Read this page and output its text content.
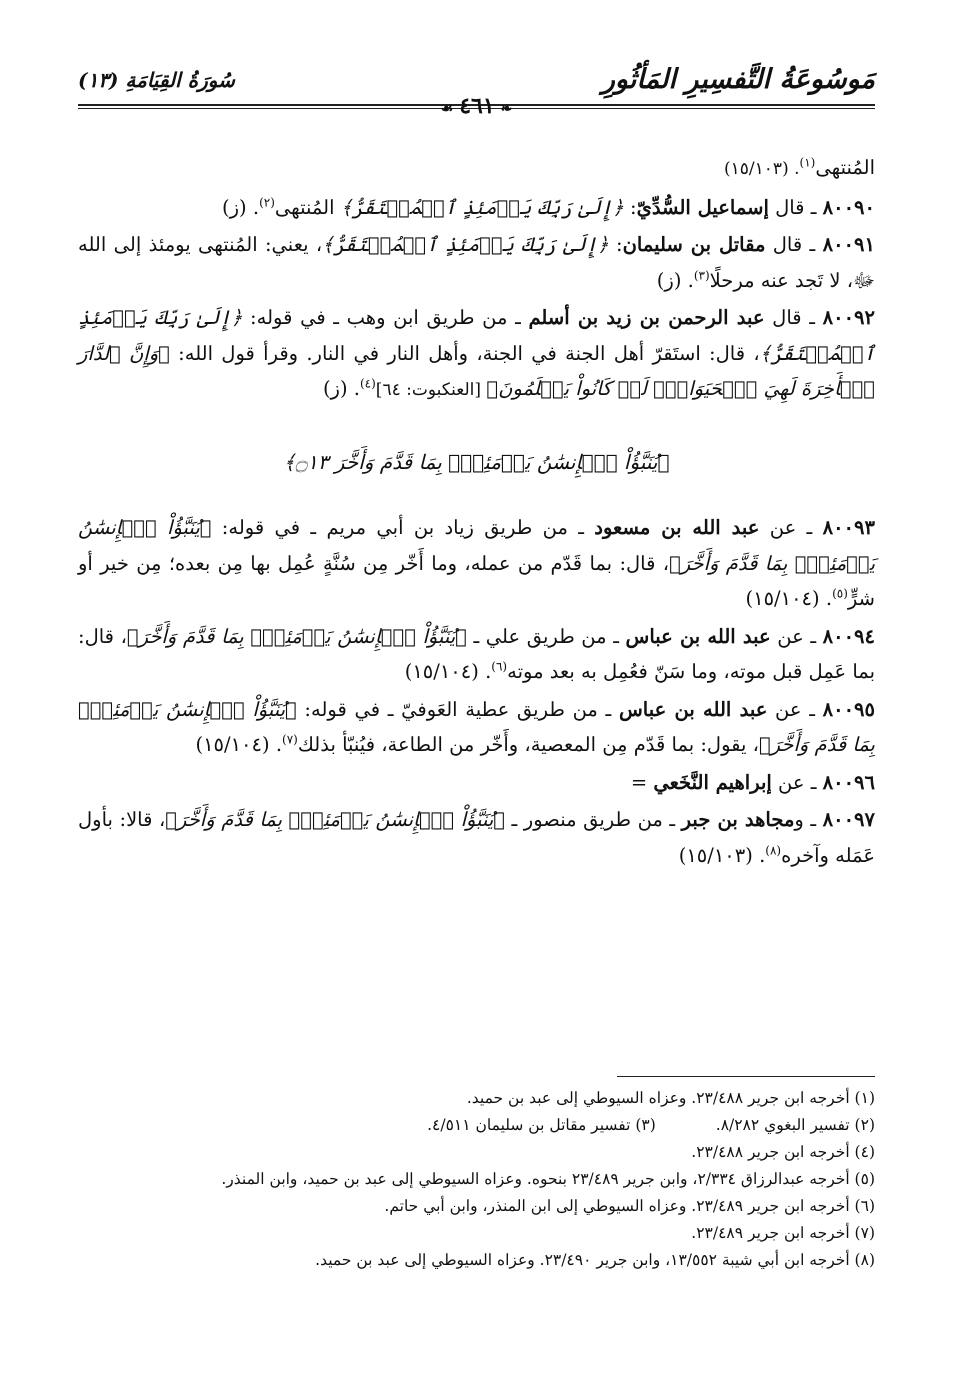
مَوسُوعَةُ التَّفسِيرِ المَأثُورِ
سُورَةُ القِيَامَةِ (١٣)
❧٤٦١☙

المُنتهى$^{(١)}$. (١٥/١٠٣)

٨٠٠٩٠ ـ قال إسماعيل السُّدِّيّ: ﴿إِلَىٰ رَبِّكَ يَوۡمَئِذٍ ٱلۡمُسۡتَقَرُّ﴾ المُنتهى$^{(٢)}$. (ز)

٨٠٠٩١ ـ قال مقاتل بن سليمان: ﴿إِلَىٰ رَبِّكَ يَوۡمَئِذٍ ٱلۡمُسۡتَقَرُّ﴾، يعني: المُنتهى يومئذ إلى الله ﷻ، لا تَجد عنه مرحلًا$^{(٣)}$. (ز)

٨٠٠٩٢ ـ قال عبد الرحمن بن زيد بن أسلم ـ من طريق ابن وهب ـ في قوله: ﴿إِلَىٰ رَبِّكَ يَوۡمَئِذٍ ٱلۡمُسۡتَقَرُّ﴾، قال: استَقرّ أهل الجنة في الجنة، وأهل النار في النار. وقرأ قول الله: ﴿وَإِنَّ ٱلدَّارَ ٱلۡأَخِرَةَ لَهِيَ ٱلۡحَيَوَانُۚ لَوۡ كَانُواْ يَعۡلَمُونَ﴾ [العنكبوت: ٦٤]$^{(٤)}$. (ز)

﴿يُنَبَّؤُاْ ٱلۡإِنسَٰنُ يَوۡمَئِذِۭ بِمَا قَدَّمَ وَأَخَّرَ ۝١٣﴾

٨٠٠٩٣ ـ عن عبد الله بن مسعود ـ من طريق زياد بن أبي مريم ـ في قوله: ﴿يُنَبَّؤُاْ ٱلۡإِنسَٰنُ يَوۡمَئِذِۭ بِمَا قَدَّمَ وَأَخَّرَ﴾، قال: بما قَدّم من عمله، وما أَخّر مِن سُنَّةٍ عُمِل بها مِن بعده؛ مِن خير أو شرٍّ$^{(٥)}$. (١٥/١٠٤)

٨٠٠٩٤ ـ عن عبد الله بن عباس ـ من طريق علي ـ ﴿يُنَبَّؤُاْ ٱلۡإِنسَٰنُ يَوۡمَئِذِۭ بِمَا قَدَّمَ وَأَخَّرَ﴾، قال: بما عَمِل قبل موته، وما سَنّ فعُمِل به بعد موته$^{(٦)}$. (١٥/١٠٤)

٨٠٠٩٥ ـ عن عبد الله بن عباس ـ من طريق عطية العَوفيّ ـ في قوله: ﴿يُنَبَّؤُاْ ٱلۡإِنسَٰنُ يَوۡمَئِذِۭ بِمَا قَدَّمَ وَأَخَّرَ﴾، يقول: بما قَدّم مِن المعصية، وأَخّر من الطاعة، فيُنبّأ بذلك$^{(٧)}$. (١٥/١٠٤)

٨٠٠٩٦ ـ عن إبراهيم النَّخَعي =

٨٠٠٩٧ ـ ومجاهد بن جبر ـ من طريق منصور ـ ﴿يُنَبَّؤُاْ ٱلۡإِنسَٰنُ يَوۡمَئِذِۭ بِمَا قَدَّمَ وَأَخَّرَ﴾، قالا: بأول عَمَله وآخره$^{(٨)}$. (١٥/١٠٣)

(١) أخرجه ابن جرير ٢٣/٤٨٨. وعزاه السيوطي إلى عبد بن حميد.

(٢) تفسير البغوي ٨/٢٨٢.

(٣) تفسير مقاتل بن سليمان ٤/٥١١.

(٤) أخرجه ابن جرير ٢٣/٤٨٨.

(٥) أخرجه عبدالرزاق ٢/٣٣٤، وابن جرير ٢٣/٤٨٩ بنحوه. وعزاه السيوطي إلى عبد بن حميد، وابن المنذر.

(٦) أخرجه ابن جرير ٢٣/٤٨٩. وعزاه السيوطي إلى ابن المنذر، وابن أبي حاتم.

(٧) أخرجه ابن جرير ٢٣/٤٨٩.

(٨) أخرجه ابن أبي شيبة ١٣/٥٥٢، وابن جرير ٢٣/٤٩٠. وعزاه السيوطي إلى عبد بن حميد.
